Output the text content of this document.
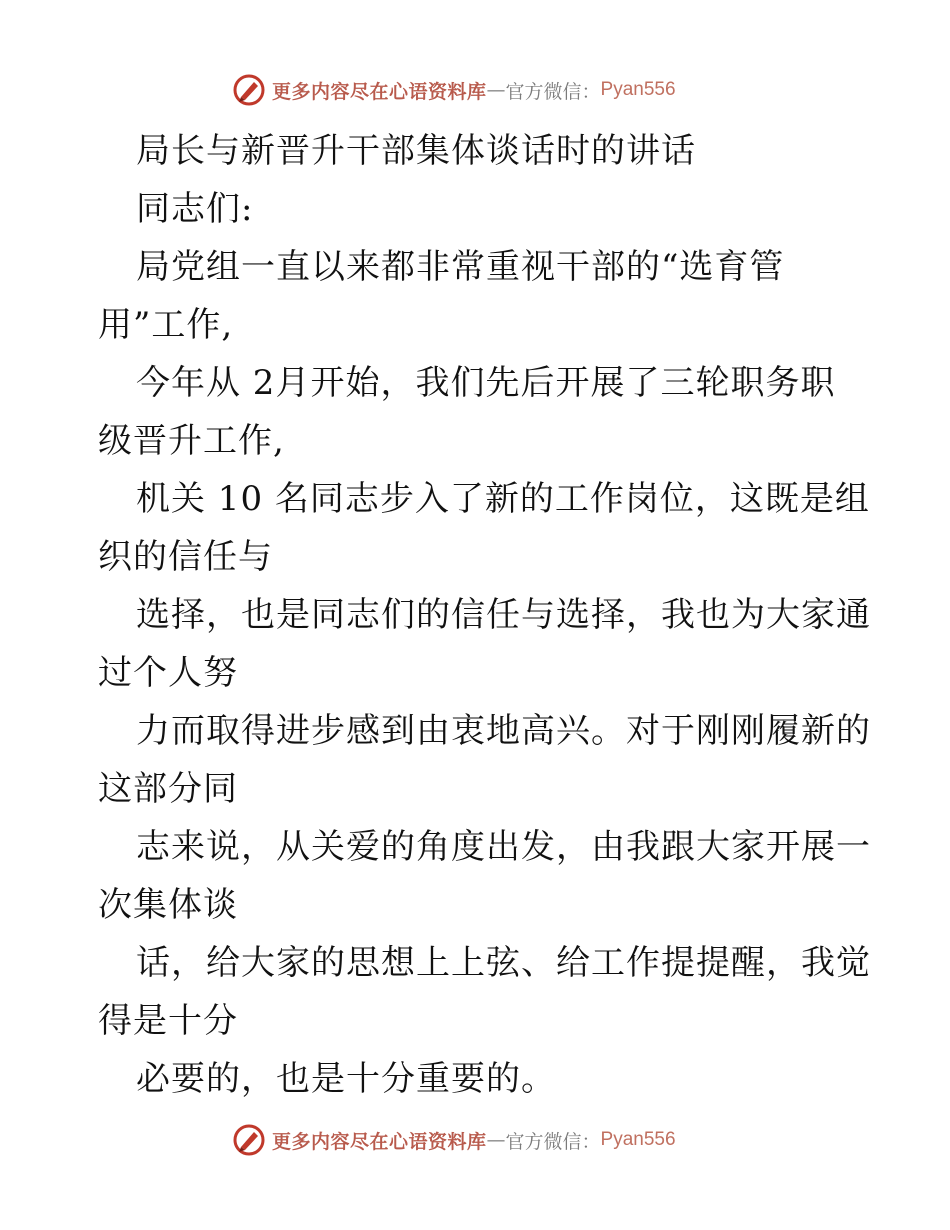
更多内容尽在心语资料库 — 官方微信： Pyan556
局长与新晋升干部集体谈话时的讲话
同志们:
局党组一直以来都非常重视干部的“选育管
用”工作,
今年从 2月开始，我们先后开展了三轮职务职
级晋升工作,
机关 10 名同志步入了新的工作岗位，这既是组
织的信任与
选择，也是同志们的信任与选择，我也为大家通
过个人努
力而取得进步感到由衷地高兴。对于刚刚履新的
这部分同
志来说，从关爱的角度出发，由我跟大家开展一
次集体谈
话，给大家的思想上上弦、给工作提提醒，我觉
得是十分
必要的，也是十分重要的。
更多内容尽在心语资料库 — 官方微信： Pyan556
